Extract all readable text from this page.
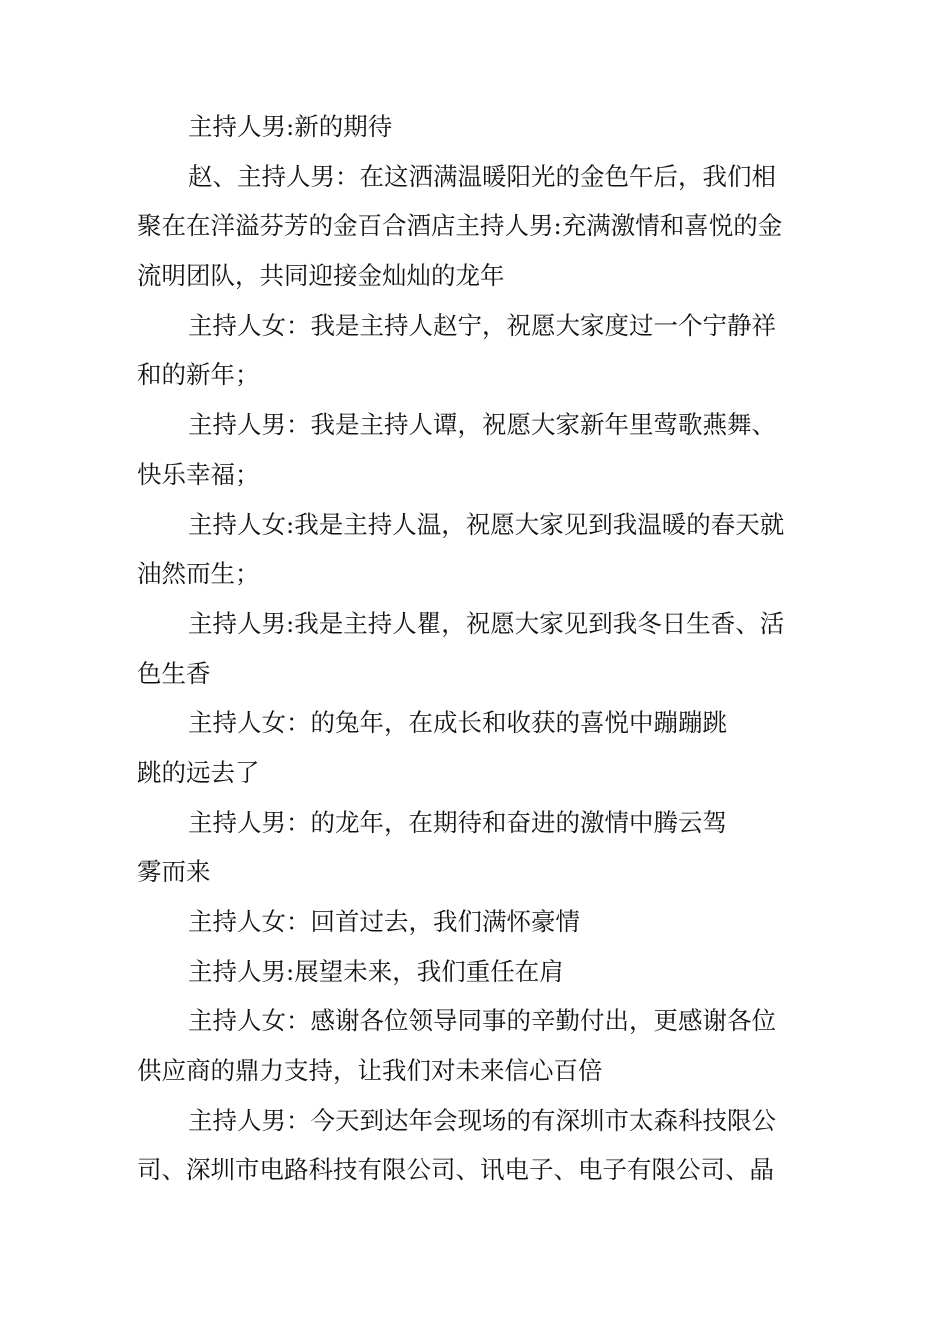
主持人男:新的期待
赵、主持人男：在这洒满温暖阳光的金色午后，我们相
聚在在洋溢芬芳的金百合酒店主持人男:充满激情和喜悦的金
流明团队，共同迎接金灿灿的龙年
主持人女：我是主持人赵宁，祝愿大家度过一个宁静祥
和的新年；
主持人男：我是主持人谭，祝愿大家新年里莺歌燕舞、
快乐幸福；
主持人女:我是主持人温，祝愿大家见到我温暖的春天就
油然而生；
主持人男:我是主持人瞿，祝愿大家见到我冬日生香、活
色生香
主持人女：的兔年，在成长和收获的喜悦中蹦蹦跳
跳的远去了
主持人男：的龙年，在期待和奋进的激情中腾云驾
雾而来
主持人女：回首过去，我们满怀豪情
主持人男:展望未来，我们重任在肩
主持人女：感谢各位领导同事的辛勤付出，更感谢各位
供应商的鼎力支持，让我们对未来信心百倍
主持人男：今天到达年会现场的有深圳市太森科技限公
司、深圳市电路科技有限公司、讯电子、电子有限公司、晶
